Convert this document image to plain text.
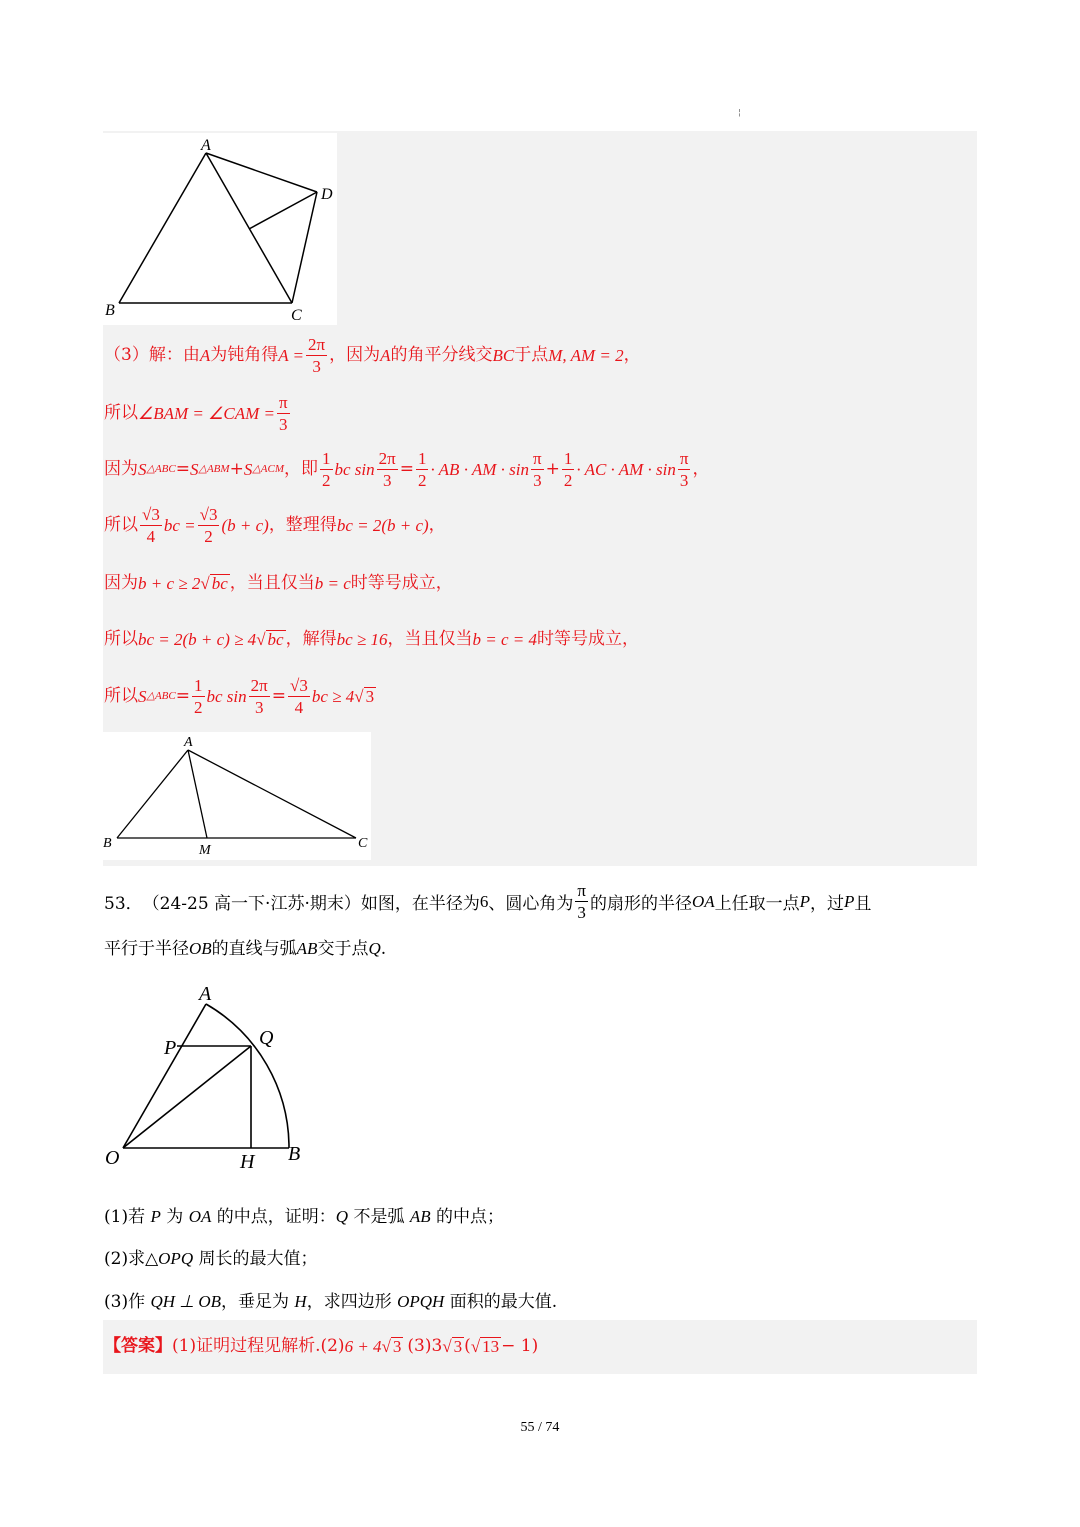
¦
A
D
B	C
（3）解：由 A 为钝角得 $A = \frac{2\pi}{3}$ ，因为 A 的角平分线交 BC 于点 M, AM = 2 ，
所以 ∠BAM = ∠CAM = $\frac{\pi}{3}$
因为 S △ABC = S △ABM + S △ACM ，即 $\frac{1}{2}$ bc $\sin \frac{2\pi}{3} = \frac{1}{2}$ · AB · AM · $\sin \frac{\pi}{3} + \frac{1}{2}$ · AC · AM · $\sin \frac{\pi}{3}$ ，
所以 $\frac{√3}{4}$ bc = $\frac{√3}{2} (b + c)$ ，整理得 bc = 2(b + c) ，
因为 b + c ≥ 2 √ bc ，当且仅当 b = c 时等号成立，
所以 bc = 2(b + c) ≥ 4 √ bc ，解得 bc ≥ 16 ，当且仅当 b = c = 4 时等号成立，
所以 S △ABC = $\frac{1}{2}$ bc $\sin \frac{2\pi}{3} = \frac{√3}{4}$ bc ≥ 4 √ 3
A
B	C
M
53． （24-25 高一下·江苏·期末） 如图，在半径为 6 、圆心角为 $\frac{\pi}{3}$ 的扇形的半径 OA 上任取一点 P ，过 P 且
平行于半径OB的直线与弧AB交于点Q.
A
P	Q
O	H B
(1)若 P 为 OA 的中点，证明：Q 不是弧 AB 的中点；
(2)求△OPQ 周长的最大值；
(3)作 QH ⊥ OB，垂足为 H，求四边形 OPQH 面积的最大值.
【答案】 (1)证明过程见解析. (2) 6 + 4 √ 3 (3) 3 √ 3 ( √ 13 − 1)
55 / 74
